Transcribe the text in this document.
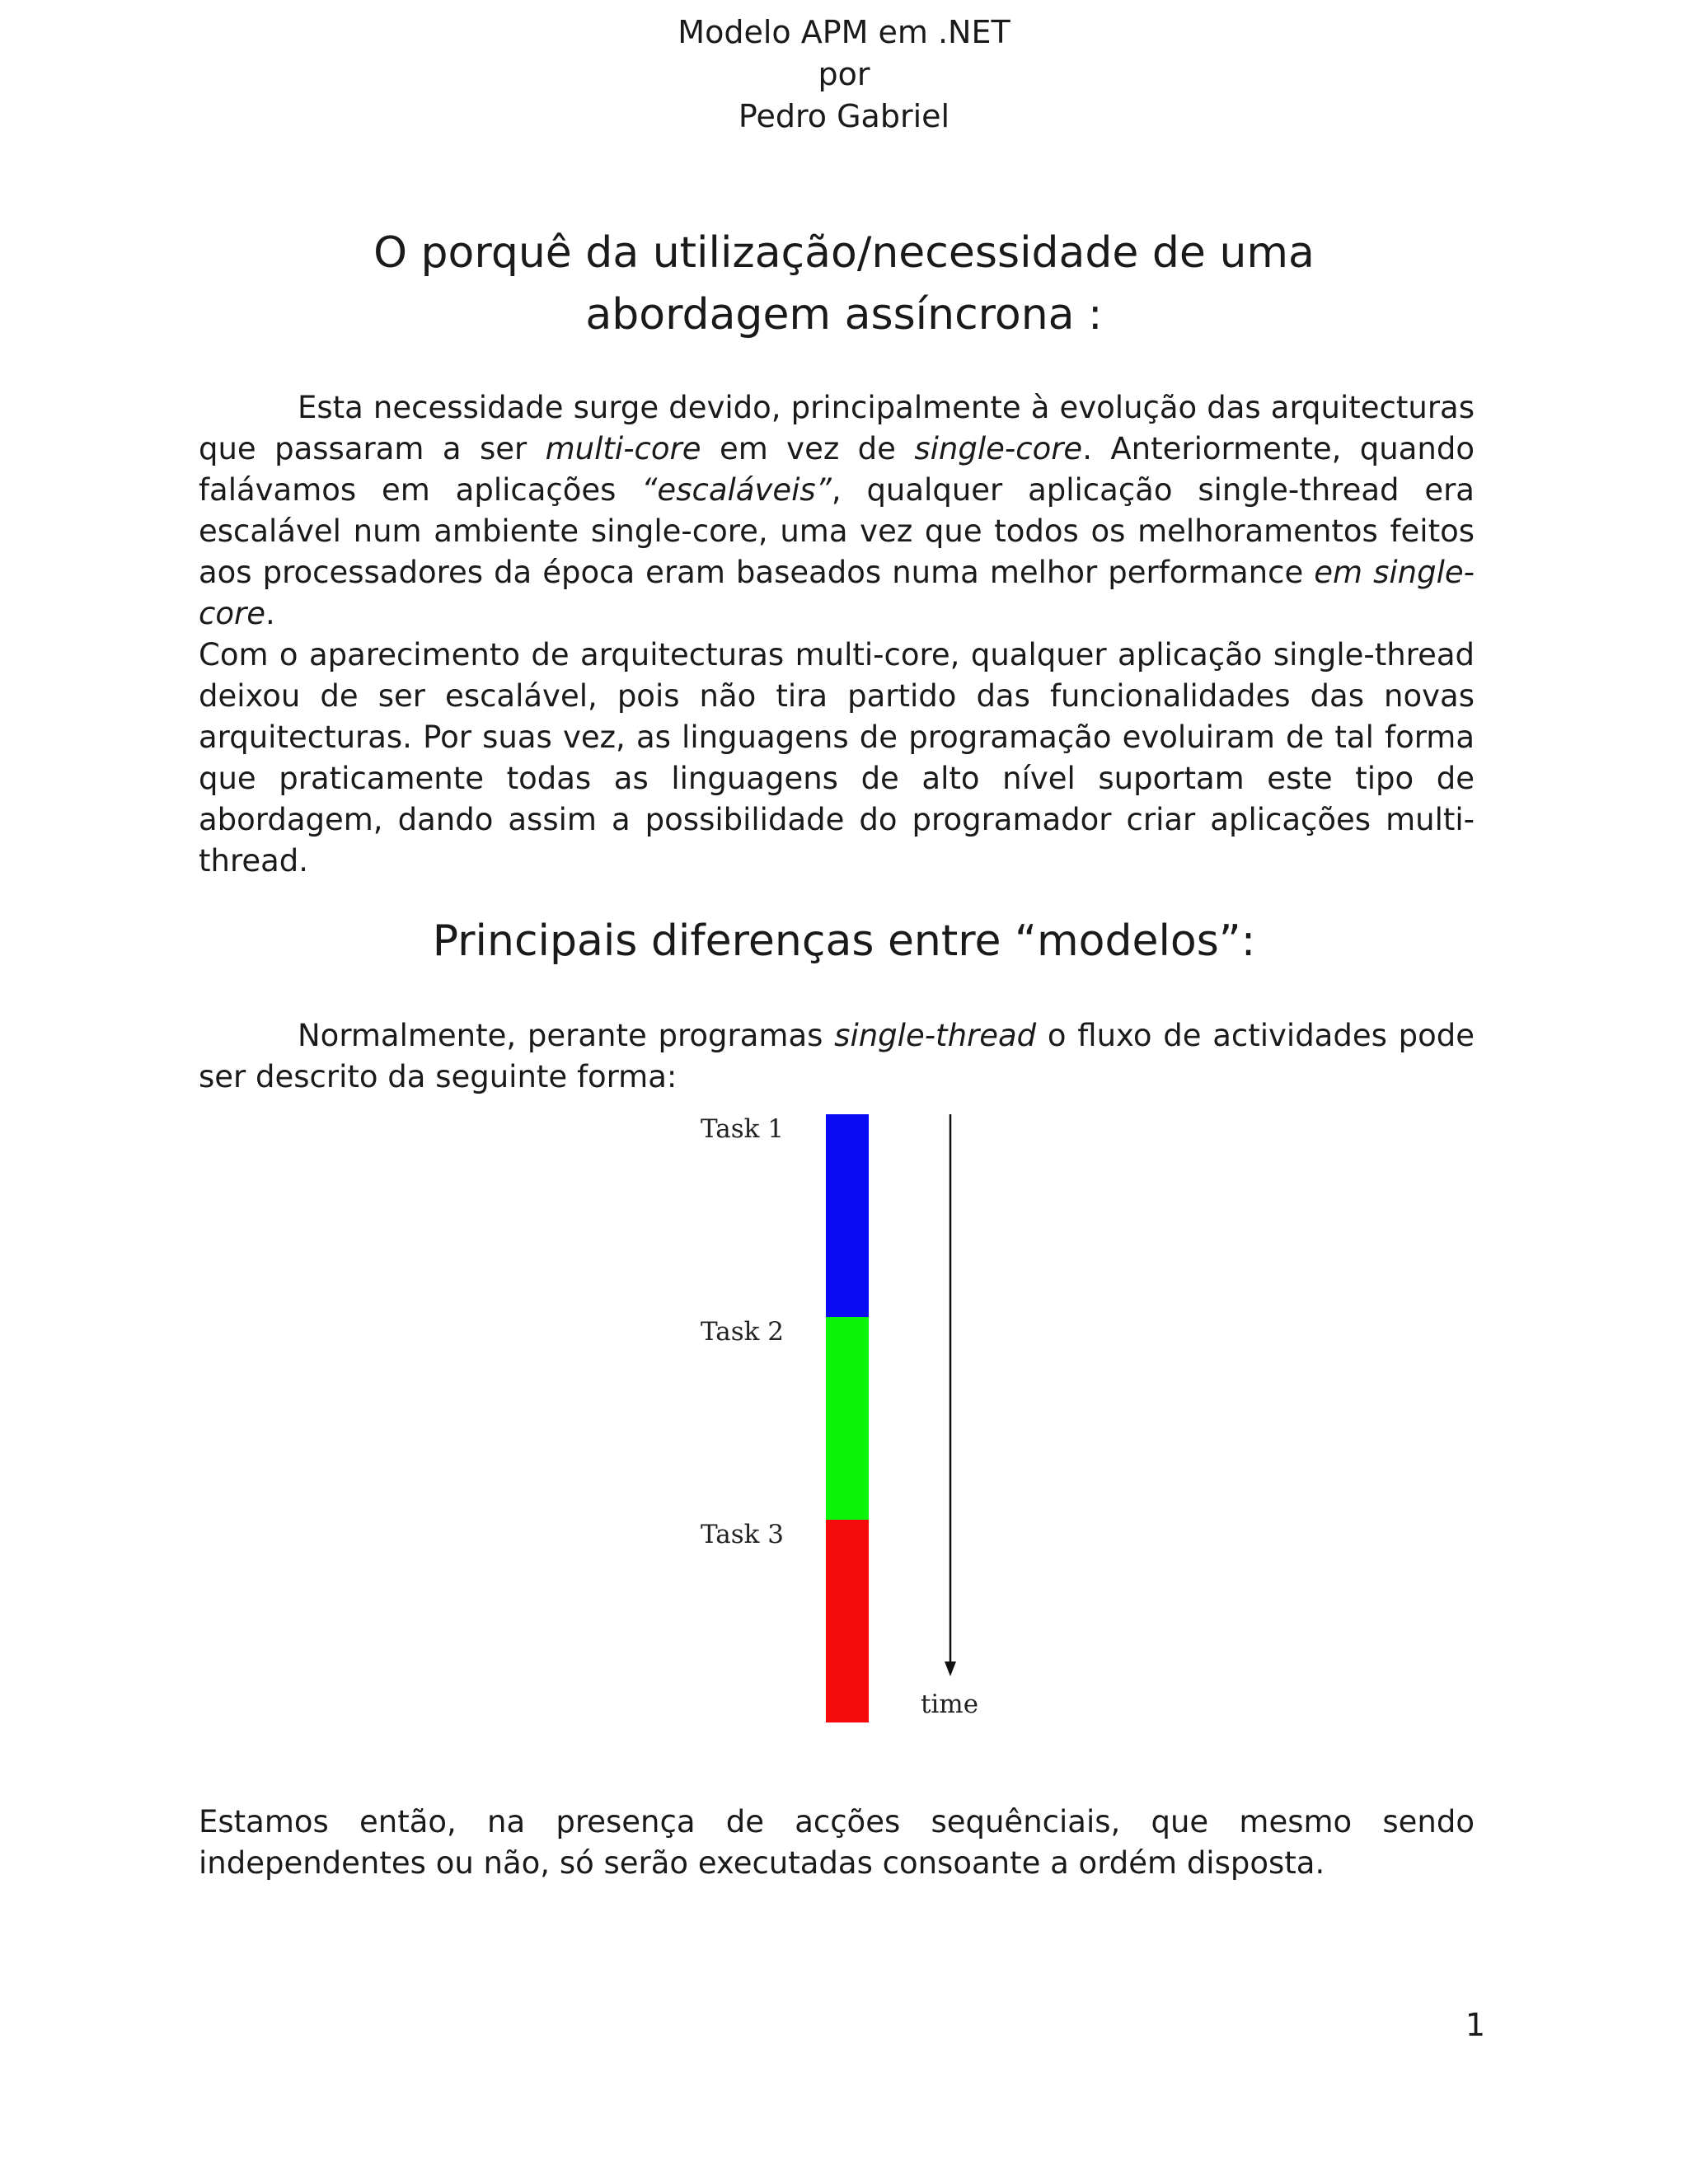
Modelo APM em .NET
por
Pedro Gabriel
O porquê da utilização/necessidade de uma abordagem assíncrona :

Esta necessidade surge devido, principalmente à evolução das arquitecturas que passaram a ser multi-core em vez de single-core. Anteriormente, quando falávamos em aplicações “escaláveis”, qualquer aplicação single-thread era escalável num ambiente single-core, uma vez que todos os melhoramentos feitos aos processadores da época eram baseados numa melhor performance em single-core.

Com o aparecimento de arquitecturas multi-core, qualquer aplicação single-thread deixou de ser escalável, pois não tira partido das funcionalidades das novas arquitecturas. Por suas vez, as linguagens de programação evoluiram de tal forma que praticamente todas as linguagens de alto nível suportam este tipo de abordagem, dando assim a possibilidade do programador criar aplicações multi-thread.

Principais diferenças entre “modelos”:

Normalmente, perante programas single-thread o fluxo de actividades pode ser descrito da seguinte forma:

Task 1
Task 2
Task 3
time

Estamos então, na presença de acções sequênciais, que mesmo sendo independentes ou não, só serão executadas consoante a ordém disposta.

1
